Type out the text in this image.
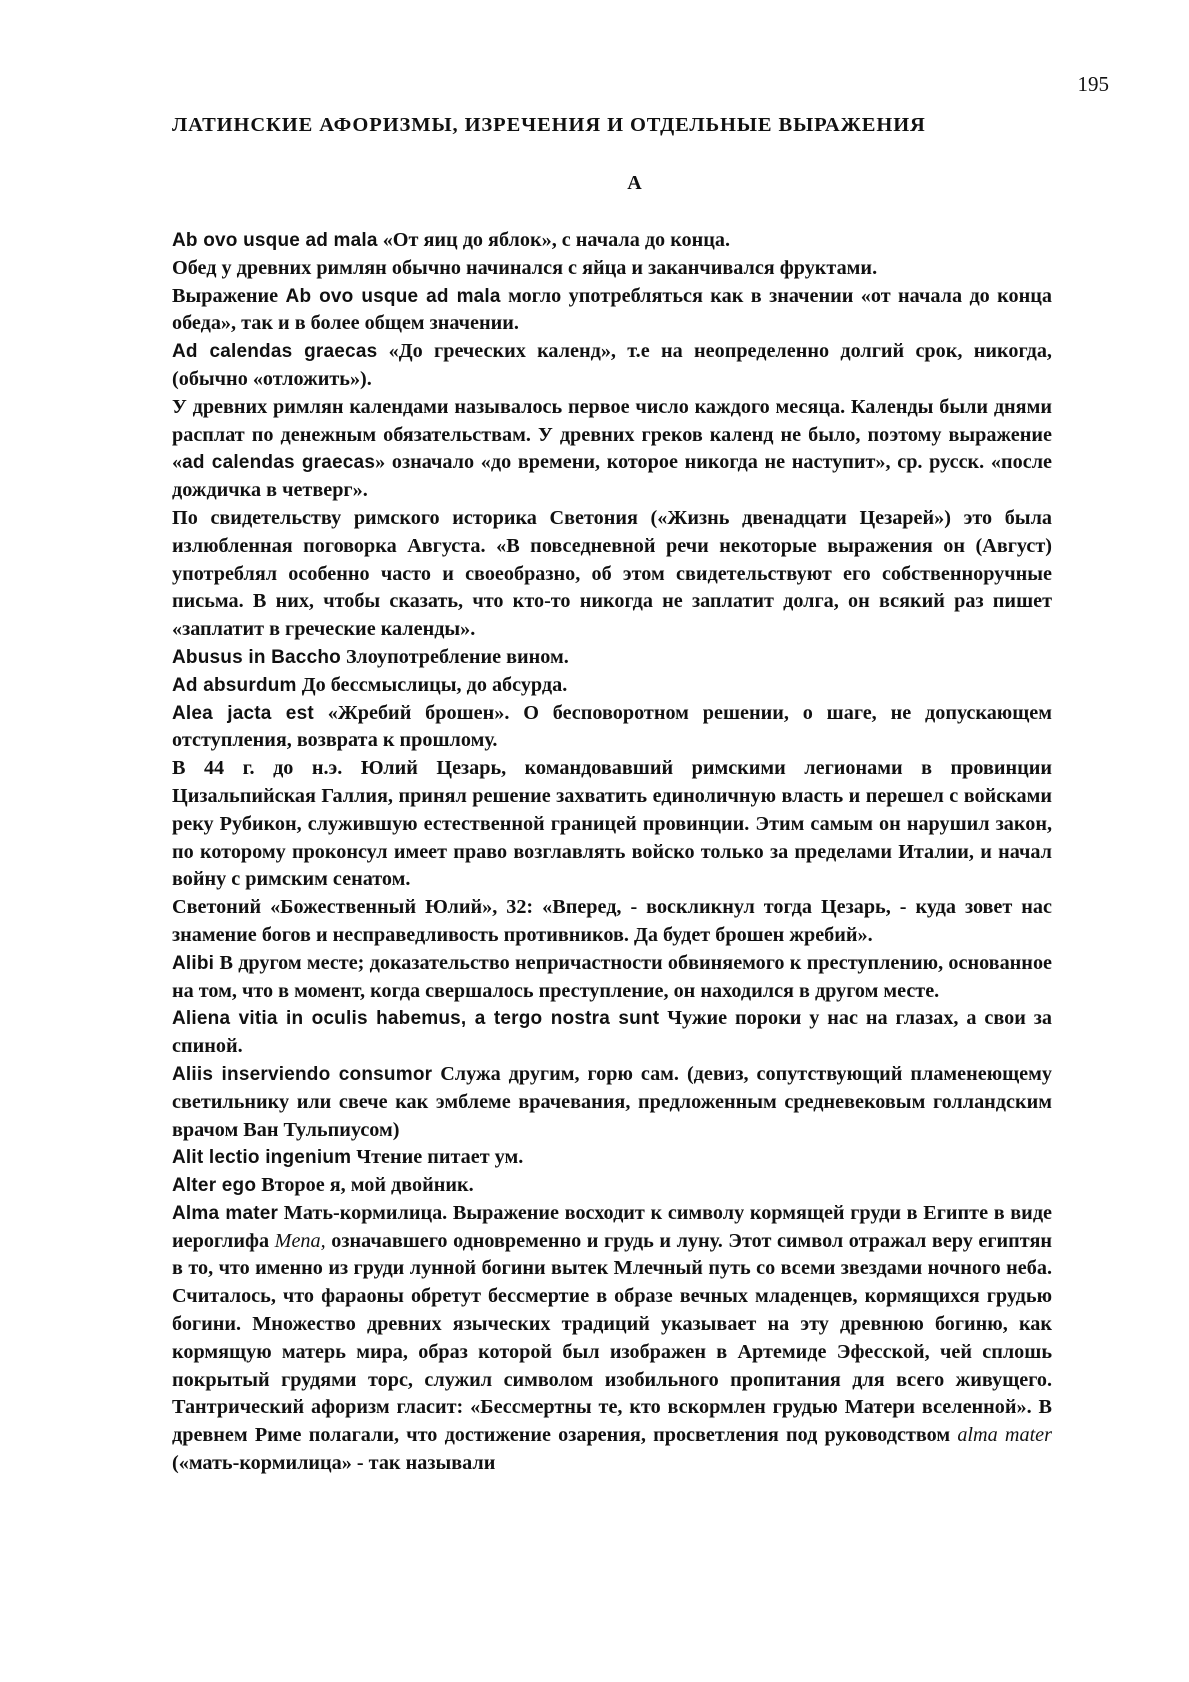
195
ЛАТИНСКИЕ АФОРИЗМЫ, ИЗРЕЧЕНИЯ И ОТДЕЛЬНЫЕ ВЫРАЖЕНИЯ
А

Ab ovo usque ad mala «От яиц до яблок», с начала до конца.

Обед у древних римлян обычно начинался с яйца и заканчивался фруктами.

Выражение Ab ovo usque ad mala могло употребляться как в значении «от начала до конца обеда», так и в более общем значении.

Ad calendas graecas «До греческих календ», т.е на неопределенно долгий срок, никогда, (обычно «отложить»).

У древних римлян календами называлось первое число каждого месяца. Календы были днями расплат по денежным обязательствам. У древних греков календ не было, поэтому выражение «ad calendas graecas» означало «до времени, которое никогда не наступит», ср. русск. «после дождичка в четверг».

По свидетельству римского историка Светония («Жизнь двенадцати Цезарей») это была излюбленная поговорка Августа. «В повседневной речи некоторые выражения он (Август) употреблял особенно часто и своеобразно, об этом свидетельствуют его собственноручные письма. В них, чтобы сказать, что кто-то никогда не заплатит долга, он всякий раз пишет «заплатит в греческие календы».

Abusus in Baccho Злоупотребление вином.

Ad absurdum До бессмыслицы, до абсурда.

Alea jacta est «Жребий брошен». О бесповоротном решении, о шаге, не допускающем отступления, возврата к прошлому.

В 44 г. до н.э. Юлий Цезарь, командовавший римскими легионами в провинции Цизальпийская Галлия, принял решение захватить единоличную власть и перешел с войсками реку Рубикон, служившую естественной границей провинции. Этим самым он нарушил закон, по которому проконсул имеет право возглавлять войско только за пределами Италии, и начал войну с римским сенатом.

Светоний «Божественный Юлий», 32: «Вперед, - воскликнул тогда Цезарь, - куда зовет нас знамение богов и несправедливость противников. Да будет брошен жребий».

Alibi В другом месте; доказательство непричастности обвиняемого к преступлению, основанное на том, что в момент, когда свершалось преступление, он находился в другом месте.

Aliena vitia in oculis habemus, a tergo nostra sunt Чужие пороки у нас на глазах, а свои за спиной.

Aliis inserviendo consumor Служа другим, горю сам. (девиз, сопутствующий пламенеющему светильнику или свече как эмблеме врачевания, предложенным средневековым голландским врачом Ван Тульпиусом)

Alit lectio ingenium Чтение питает ум.

Alter ego Второе я, мой двойник.

Alma mater Мать-кормилица. Выражение восходит к символу кормящей груди в Египте в виде иероглифа Mena, означавшего одновременно и грудь и луну. Этот символ отражал веру египтян в то, что именно из груди лунной богини вытек Млечный путь со всеми звездами ночного неба. Считалось, что фараоны обретут бессмертие в образе вечных младенцев, кормящихся грудью богини. Множество древних языческих традиций указывает на эту древнюю богиню, как кормящую матерь мира, образ которой был изображен в Артемиде Эфесской, чей сплошь покрытый грудями торс, служил символом изобильного пропитания для всего живущего. Тантрический афоризм гласит: «Бессмертны те, кто вскормлен грудью Матери вселенной». В древнем Риме полагали, что достижение озарения, просветления под руководством alma mater («мать-кормилица» - так называли
